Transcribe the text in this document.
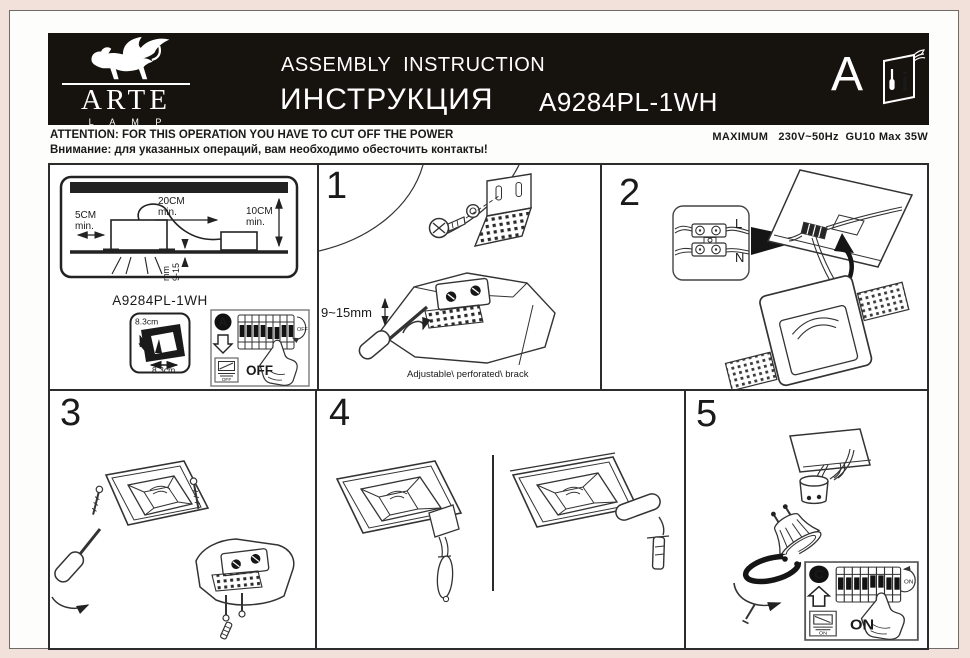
ARTE
L A M P
ASSEMBLY  INSTRUCTION
ИНСТРУКЦИЯ A9284PL-1WH
A i
ATTENTION: FOR THIS OPERATION YOU HAVE TO CUT OFF THE POWER
Внимание: для указанных операций, вам необходимо обесточить контакты!
MAXIMUM   230V~50Hz  GU10 Max 35W
5CM
min.
20CM
min.	10CM
min.
9-15
mm
A9284PL-1WH
8.3cm
8.3cm
A
OFF
OFF
OFF
1
9~15mm
Adjustable\ perforated\ brack
2
L
N
3	4	5
C
ON
ON
ON
